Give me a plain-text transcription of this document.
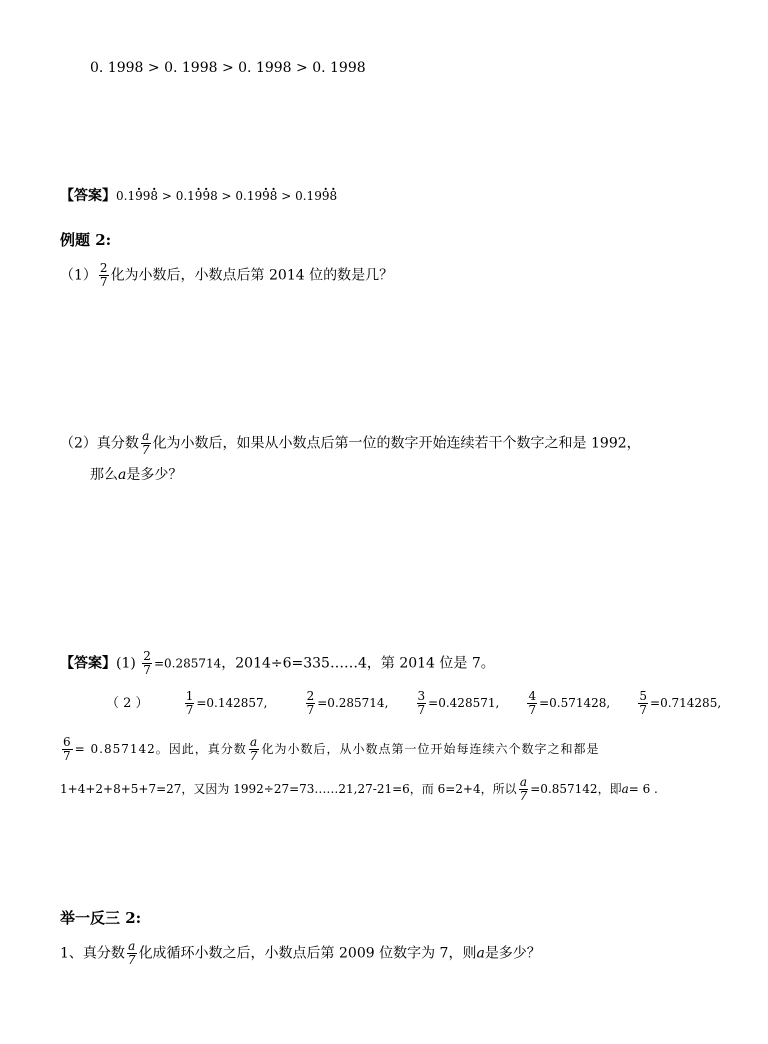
0. 1998 > 0. 1998 > 0. 1998 > 0. 1998
【答案】0.1. 99. 8 > 0.1. 9. 98 > 0.19. 9. 8 > 0.19. 9. 8
例题 2:
$(1) \frac{2}{7}$ 化为小数后，小数点后第 2014 位的数是几？
（2）真分数 $\frac{a}{7}$ 化为小数后，如果从小数点后第一位的数字开始连续若干个数字之和是 1992，
那么a是多少？
【答案】$(1) \frac{2}{7} =0.285714$，2014÷6=335……4，第 2014 位是 7。
（ 2 ）	$\frac{1}{7} =0.142857$,	$\frac{2}{7} =0.285714$, $\frac{3}{7} =0.428571$, $\frac{4}{7} =0.571428$, $\frac{5}{7} =0.714285$,
$\frac{6}{7} = 0.857142$。因此，真分数 $\frac{a}{7}$ 化为小数后，从小数点第一位开始每连续六个数字之和都是
1+4+2+8+5+7=27，又因为 1992÷27=73……21,27-21=6，而 6=2+4，所以 $\frac{a}{7} =0.857142$，即a= 6 .
举一反三 2:
1、真分数 $\frac{a}{7}$ 化成循环小数之后，小数点后第 2009 位数字为 7，则a是多少？
